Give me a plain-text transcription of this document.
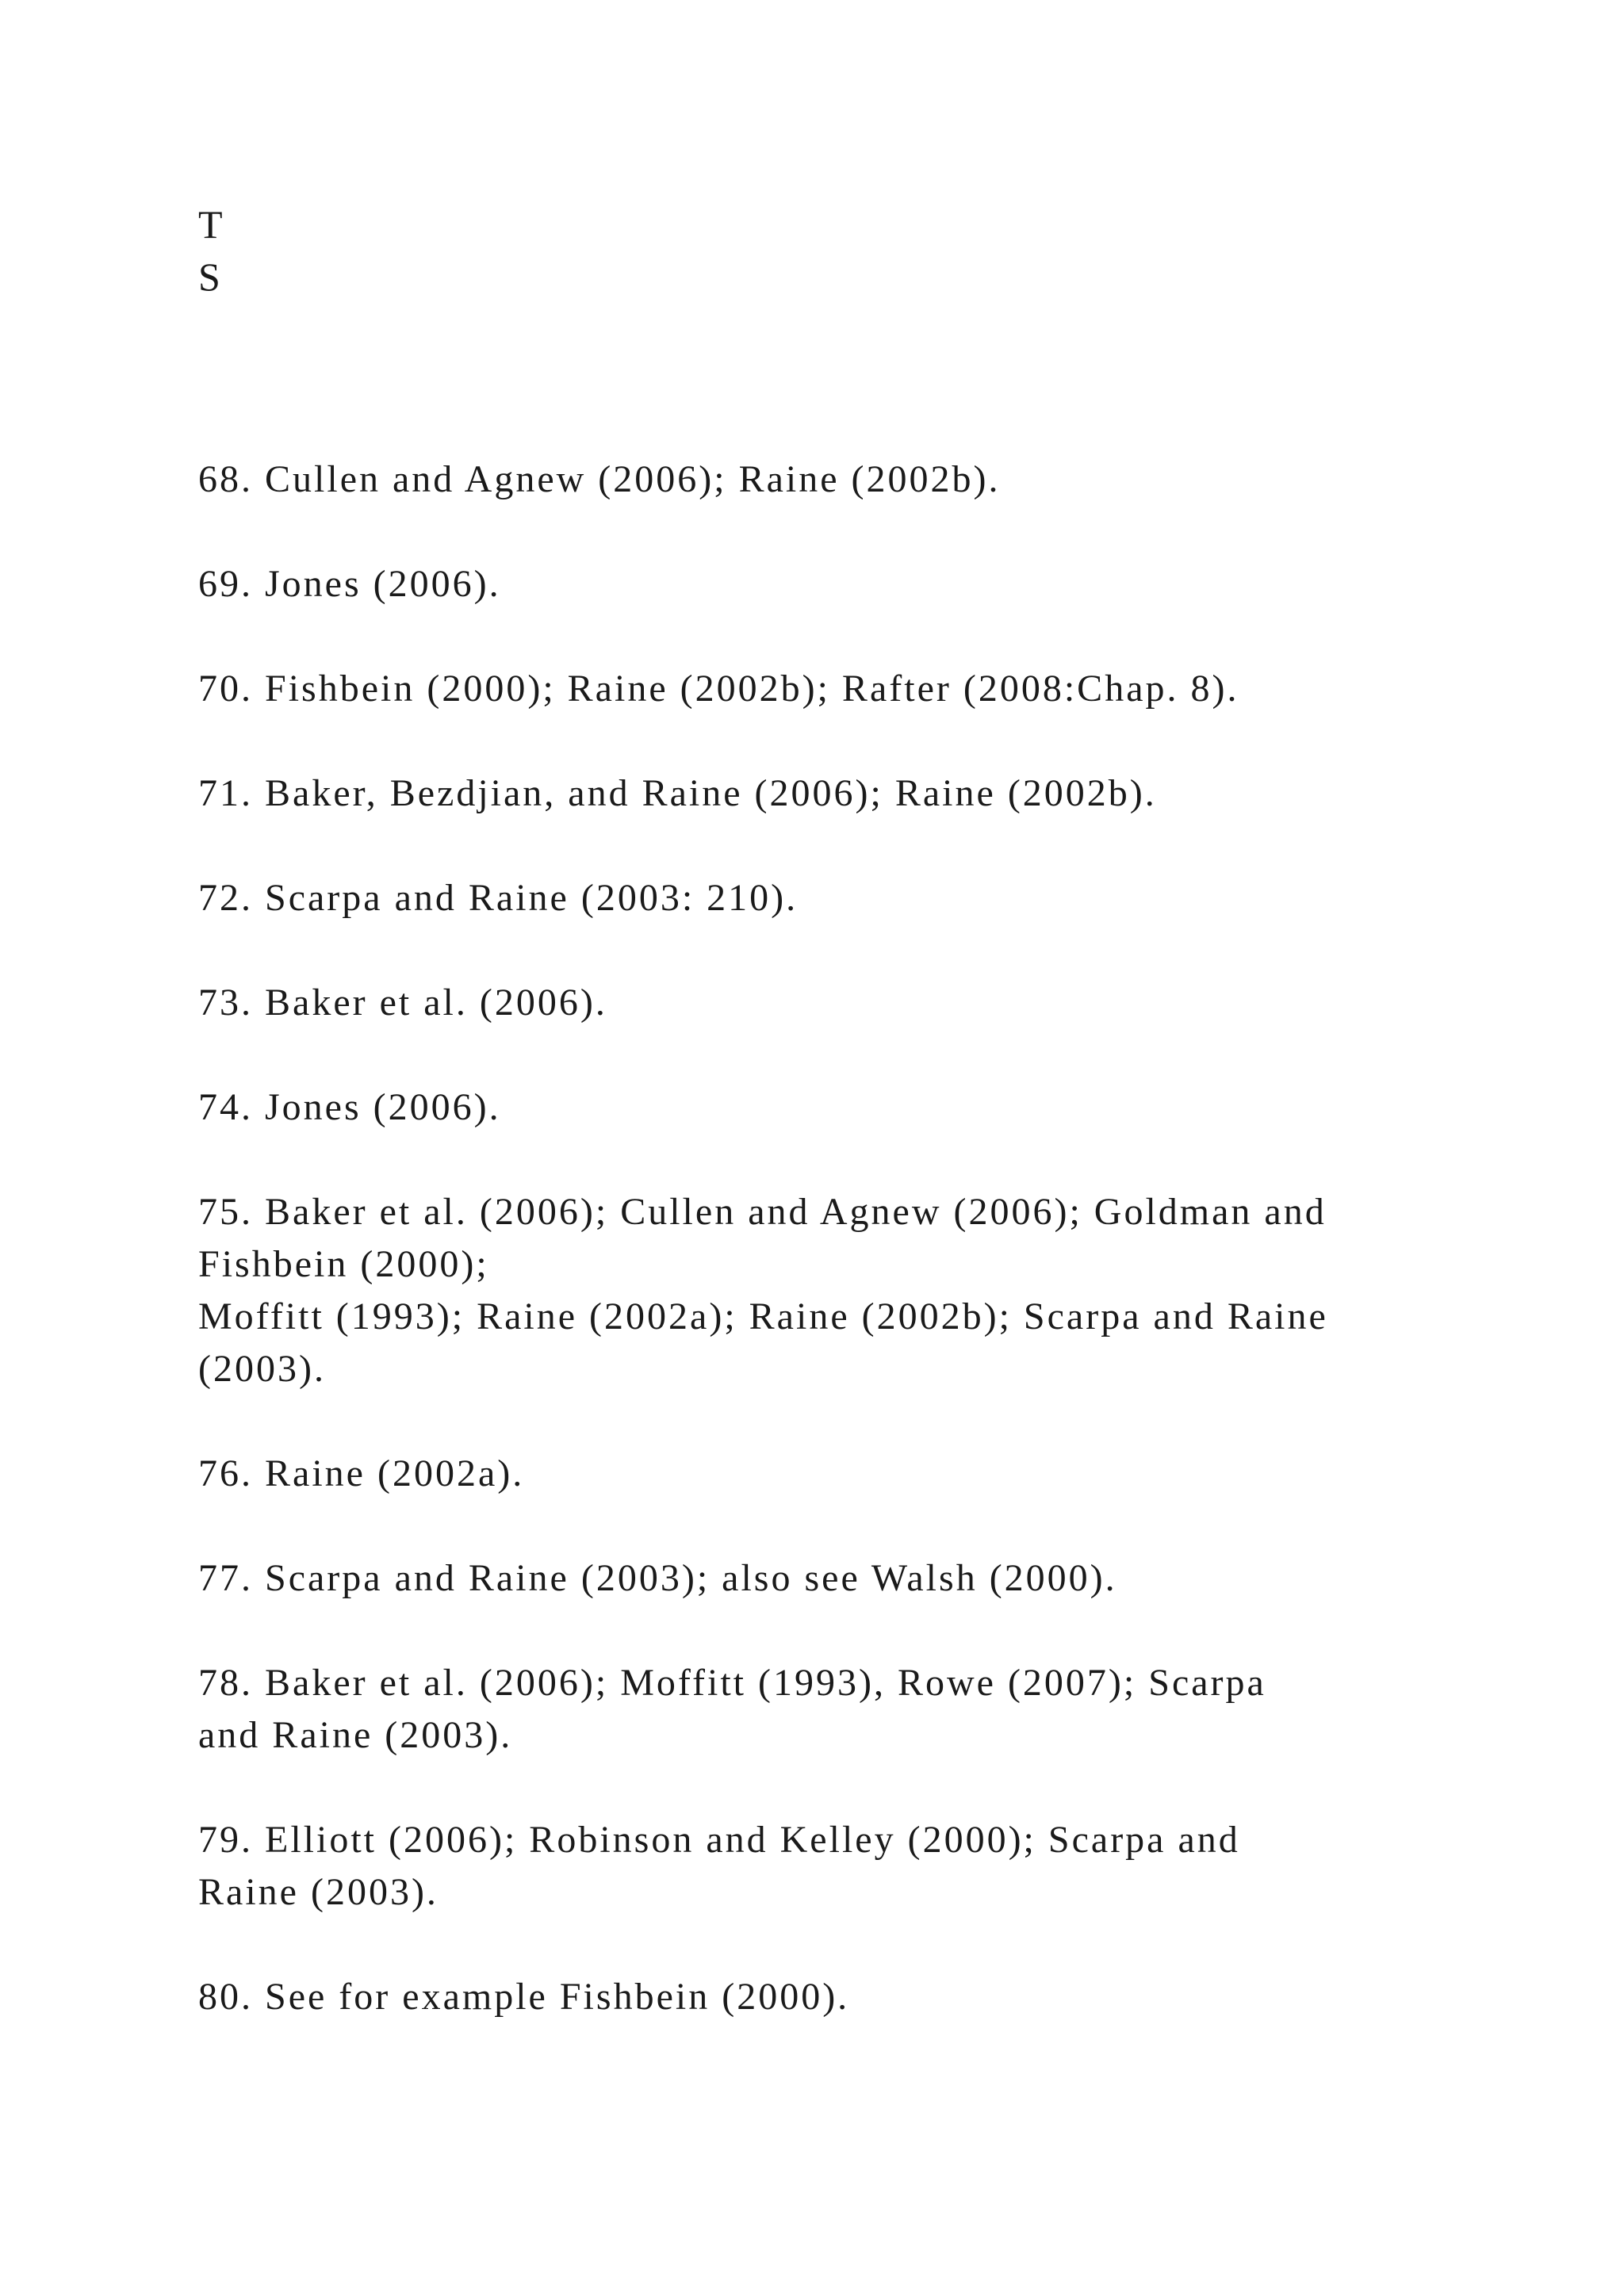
T
S
68. Cullen and Agnew (2006); Raine (2002b).
69. Jones (2006).
70. Fishbein (2000); Raine (2002b); Rafter (2008:Chap. 8).
71. Baker, Bezdjian, and Raine (2006); Raine (2002b).
72. Scarpa and Raine (2003: 210).
73. Baker et al. (2006).
74. Jones (2006).
75. Baker et al. (2006); Cullen and Agnew (2006); Goldman and
Fishbein (2000);
Moffitt (1993); Raine (2002a); Raine (2002b); Scarpa and Raine
(2003).
76. Raine (2002a).
77. Scarpa and Raine (2003); also see Walsh (2000).
78. Baker et al. (2006); Moffitt (1993), Rowe (2007); Scarpa
and Raine (2003).
79. Elliott (2006); Robinson and Kelley (2000); Scarpa and
Raine (2003).
80. See for example Fishbein (2000).
